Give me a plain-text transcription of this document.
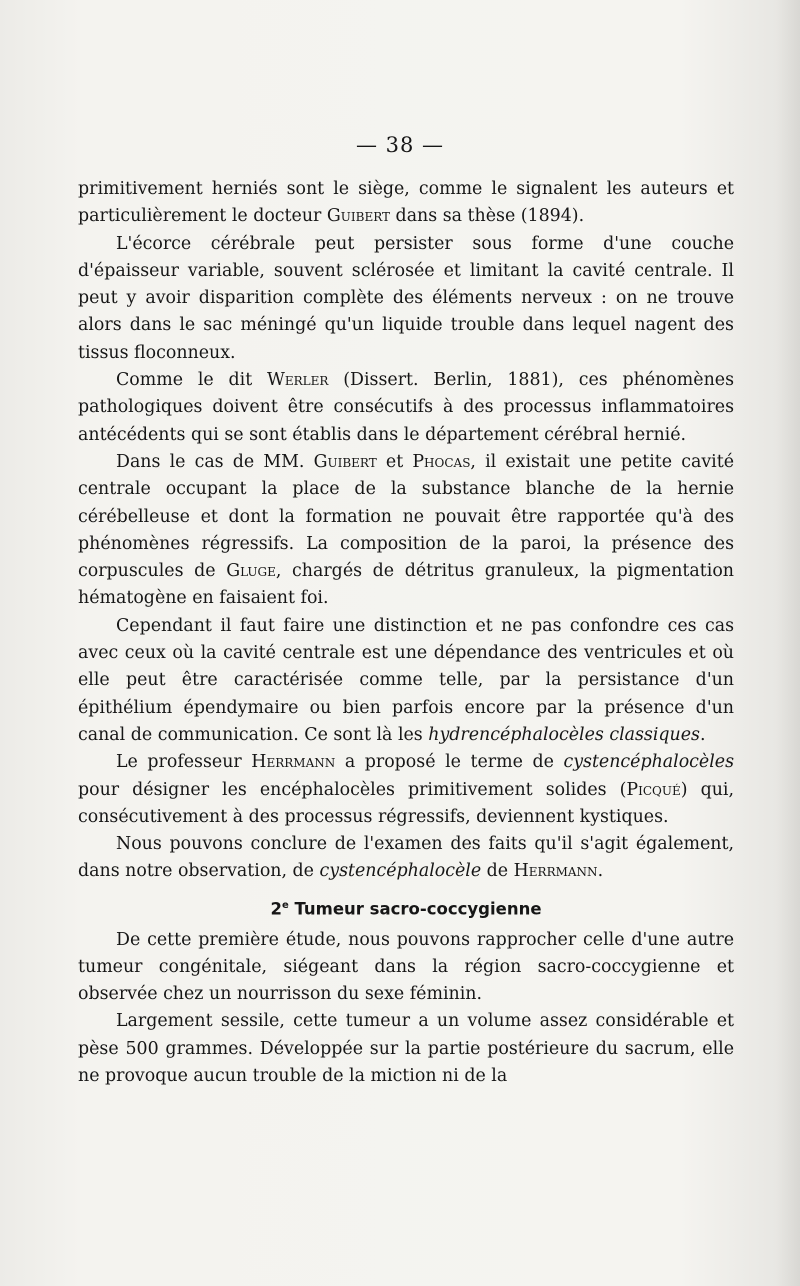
— 38 —

primitivement herniés sont le siège, comme le signalent les auteurs et particulièrement le docteur Guibert dans sa thèse (1894).

L'écorce cérébrale peut persister sous forme d'une couche d'épaisseur variable, souvent sclérosée et limitant la cavité centrale. Il peut y avoir disparition complète des éléments nerveux : on ne trouve alors dans le sac méningé qu'un liquide trouble dans lequel nagent des tissus floconneux.

Comme le dit Werler (Dissert. Berlin, 1881), ces phénomènes pathologiques doivent être consécutifs à des processus inflammatoires antécédents qui se sont établis dans le département cérébral hernié.

Dans le cas de MM. Guibert et Phocas, il existait une petite cavité centrale occupant la place de la substance blanche de la hernie cérébelleuse et dont la formation ne pouvait être rapportée qu'à des phénomènes régressifs. La composition de la paroi, la présence des corpuscules de Gluge, chargés de détritus granuleux, la pigmentation hématogène en faisaient foi.

Cependant il faut faire une distinction et ne pas confondre ces cas avec ceux où la cavité centrale est une dépendance des ventricules et où elle peut être caractérisée comme telle, par la persistance d'un épithélium épendymaire ou bien parfois encore par la présence d'un canal de communication. Ce sont là les hydrencéphalocèles classiques.

Le professeur Herrmann a proposé le terme de cystencéphalocèles pour désigner les encéphalocèles primitivement solides (Picqué) qui, consécutivement à des processus régressifs, deviennent kystiques.

Nous pouvons conclure de l'examen des faits qu'il s'agit également, dans notre observation, de cystencéphalocèle de Herrmann.

2e Tumeur sacro-coccygienne

De cette première étude, nous pouvons rapprocher celle d'une autre tumeur congénitale, siégeant dans la région sacro-coccygienne et observée chez un nourrisson du sexe féminin.

Largement sessile, cette tumeur a un volume assez considérable et pèse 500 grammes. Développée sur la partie postérieure du sacrum, elle ne provoque aucun trouble de la miction ni de la
